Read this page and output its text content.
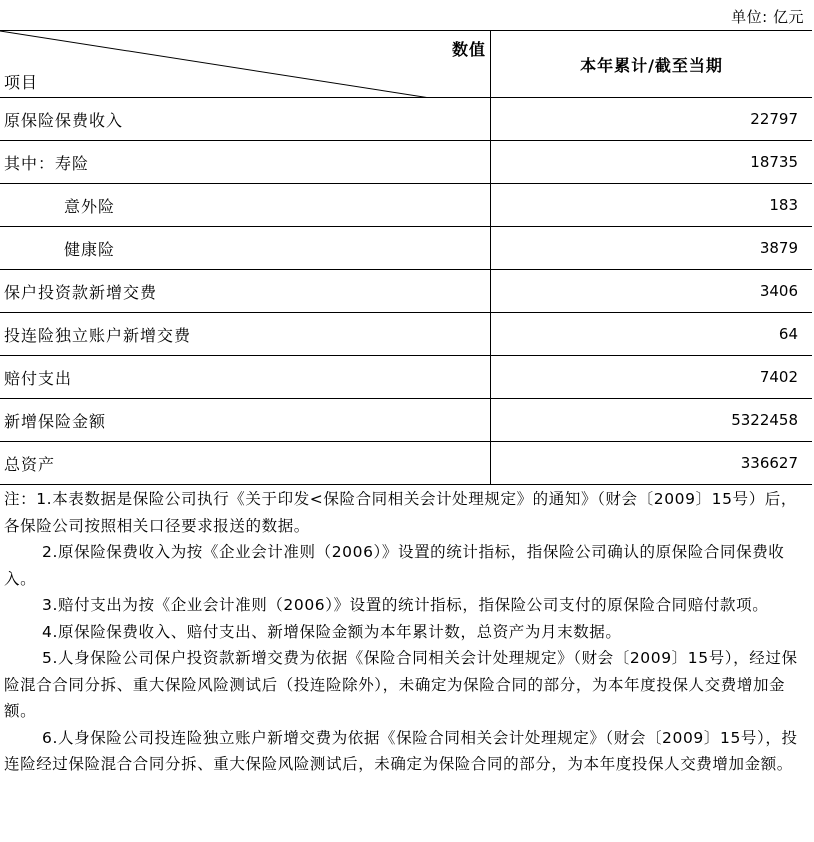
单位: 亿元
数值
项目	本年累计/截至当期
原保险保费收入	22797
其中：寿险	18735
意外险	183
健康险	3879
保户投资款新增交费	3406
投连险独立账户新增交费	64
赔付支出	7402
新增保险金额	5322458
总资产	336627

注：1.本表数据是保险公司执行《关于印发<保险合同相关会计处理规定》的通知》（财会〔2009〕15号）后，各保险公司按照相关口径要求报送的数据。

2.原保险保费收入为按《企业会计准则（2006）》设置的统计指标，指保险公司确认的原保险合同保费收入。

3.赔付支出为按《企业会计准则（2006）》设置的统计指标，指保险公司支付的原保险合同赔付款项。

4.原保险保费收入、赔付支出、新增保险金额为本年累计数，总资产为月末数据。

5.人身保险公司保户投资款新增交费为依据《保险合同相关会计处理规定》（财会〔2009〕15号），经过保险混合合同分拆、重大保险风险测试后（投连险除外），未确定为保险合同的部分，为本年度投保人交费增加金额。

6.人身保险公司投连险独立账户新增交费为依据《保险合同相关会计处理规定》（财会〔2009〕15号），投连险经过保险混合合同分拆、重大保险风险测试后，未确定为保险合同的部分，为本年度投保人交费增加金额。
